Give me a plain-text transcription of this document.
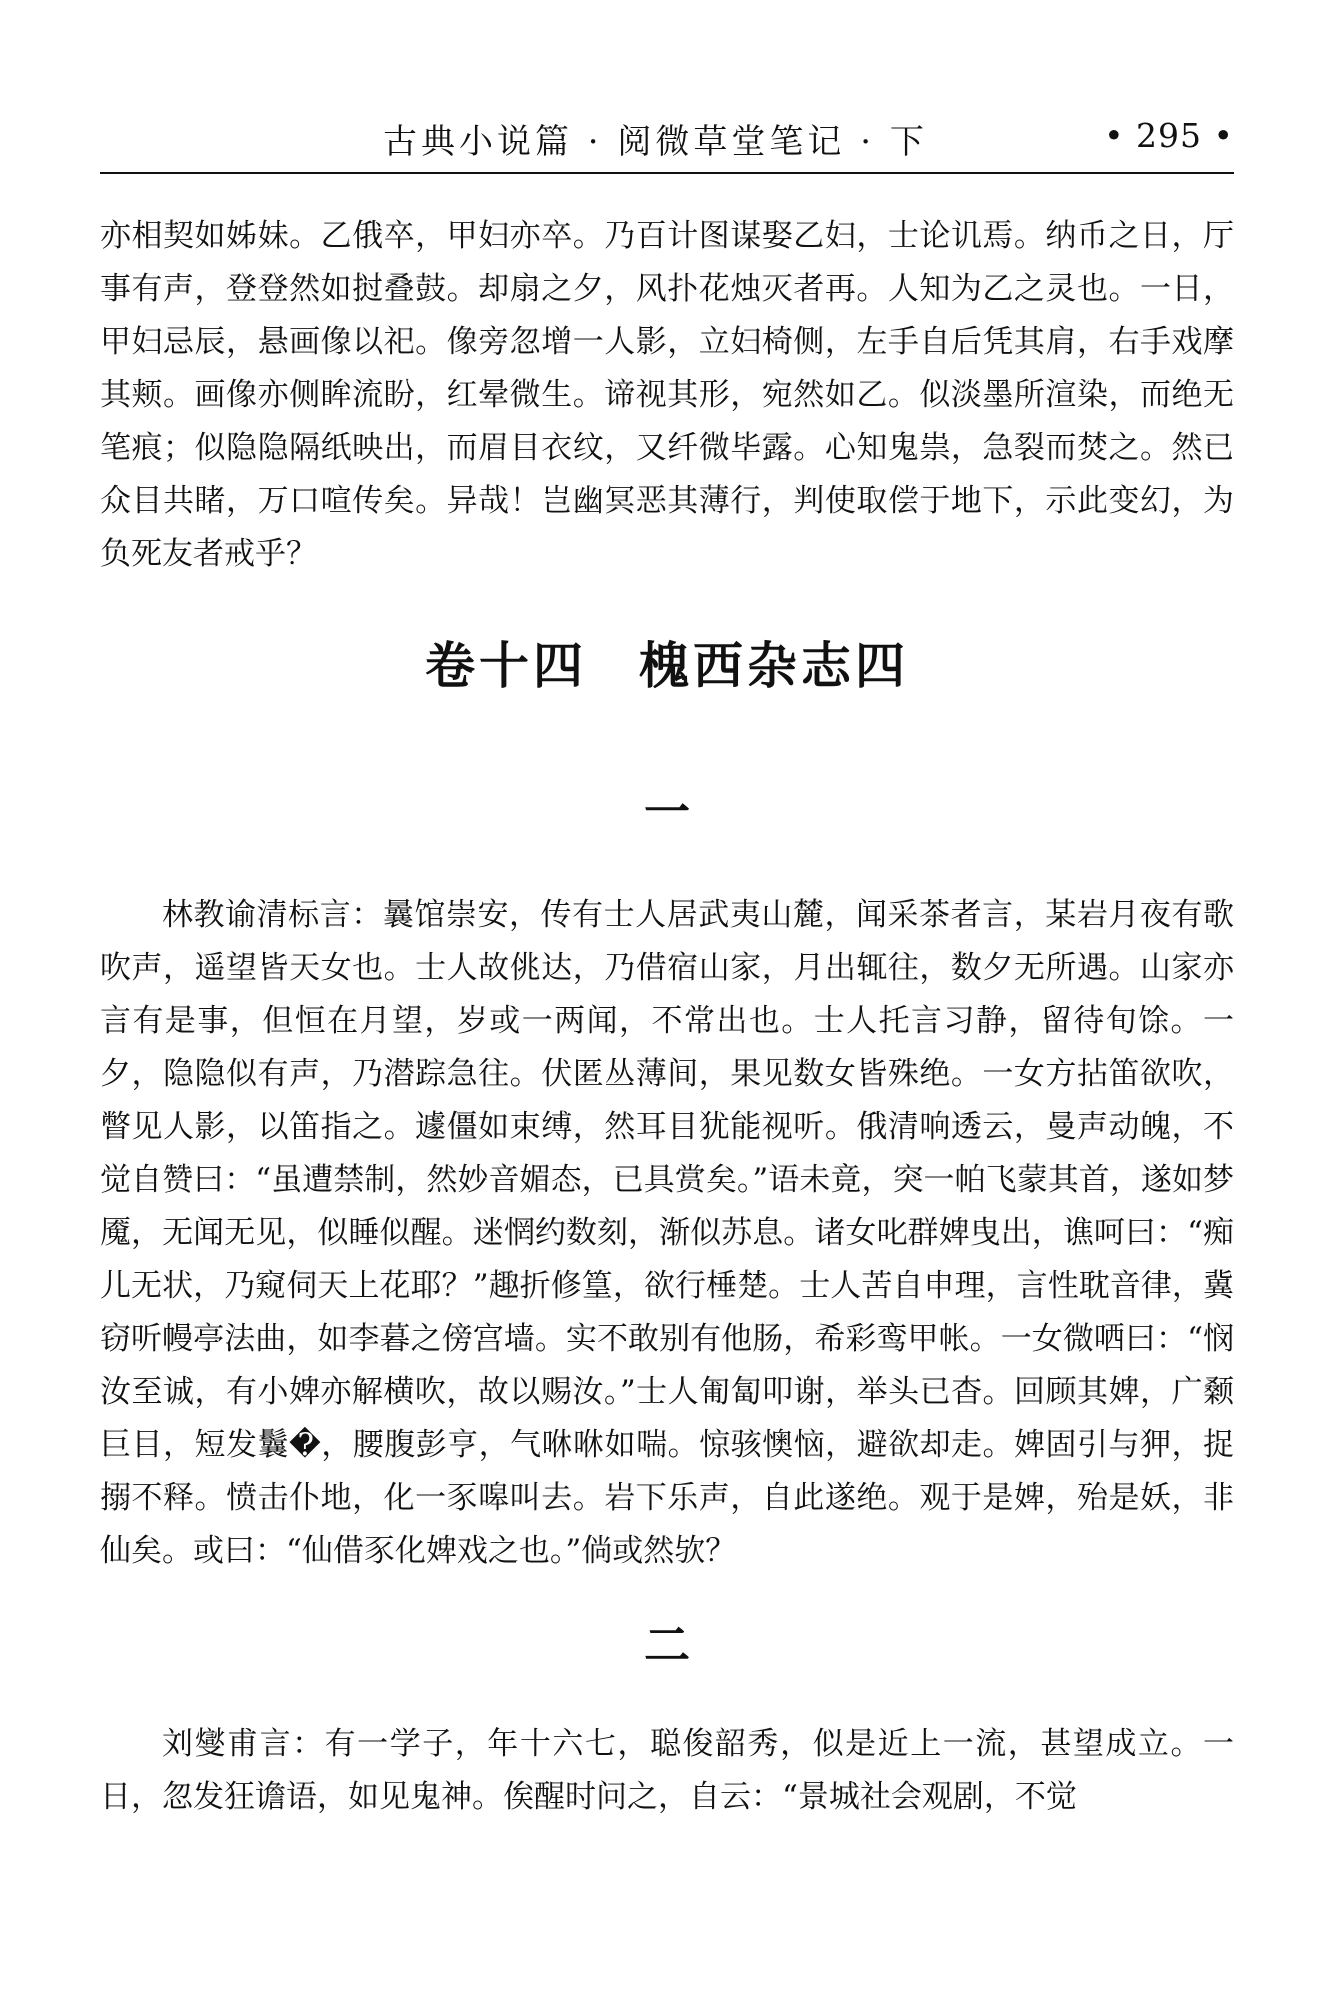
古典小说篇 · 阅微草堂笔记 · 下	• 295 •

亦相契如姊妹。乙俄卒，甲妇亦卒。乃百计图谋娶乙妇，士论讥焉。纳币之日，厅事有声，登登然如挝叠鼓。却扇之夕，风扑花烛灭者再。人知为乙之灵也。一日，甲妇忌辰，悬画像以祀。像旁忽增一人影，立妇椅侧，左手自后凭其肩，右手戏摩其颊。画像亦侧眸流盼，红晕微生。谛视其形，宛然如乙。似淡墨所渲染，而绝无笔痕；似隐隐隔纸映出，而眉目衣纹，又纤微毕露。心知鬼祟，急裂而焚之。然已众目共睹，万口喧传矣。异哉！岂幽冥恶其薄行，判使取偿于地下，示此变幻，为负死友者戒乎？

卷十四 槐西杂志四
一

林教谕清标言：曩馆崇安，传有士人居武夷山麓，闻采茶者言，某岩月夜有歌吹声，遥望皆天女也。士人故佻达，乃借宿山家，月出辄往，数夕无所遇。山家亦言有是事，但恒在月望，岁或一两闻，不常出也。士人托言习静，留待旬馀。一夕，隐隐似有声，乃潜踪急往。伏匿丛薄间，果见数女皆殊绝。一女方拈笛欲吹，瞥见人影，以笛指之。遽僵如束缚，然耳目犹能视听。俄清响透云，曼声动魄，不觉自赞曰：“虽遭禁制，然妙音媚态，已具赏矣。”语未竟，突一帕飞蒙其首，遂如梦魇，无闻无见，似睡似醒。迷惘约数刻，渐似苏息。诸女叱群婢曳出，谯呵曰：“痴儿无状，乃窥伺天上花耶？”趣折修篁，欲行棰楚。士人苦自申理，言性耽音律，冀窃听幔亭法曲，如李暮之傍宫墙。实不敢别有他肠，希彩鸾甲帐。一女微哂曰：“悯汝至诚，有小婢亦解横吹，故以赐汝。”士人匍匐叩谢，举头已杳。回顾其婢，广颡巨目，短发鬤�，腰腹彭亨，气咻咻如喘。惊骇懊恼，避欲却走。婢固引与狎，捉搦不释。愤击仆地，化一豕嗥叫去。岩下乐声，自此遂绝。观于是婢，殆是妖，非仙矣。或曰：“仙借豕化婢戏之也。”倘或然欤？

二

刘燮甫言：有一学子，年十六七，聪俊韶秀，似是近上一流，甚望成立。一日，忽发狂谵语，如见鬼神。俟醒时问之，自云：“景城社会观剧，不觉
